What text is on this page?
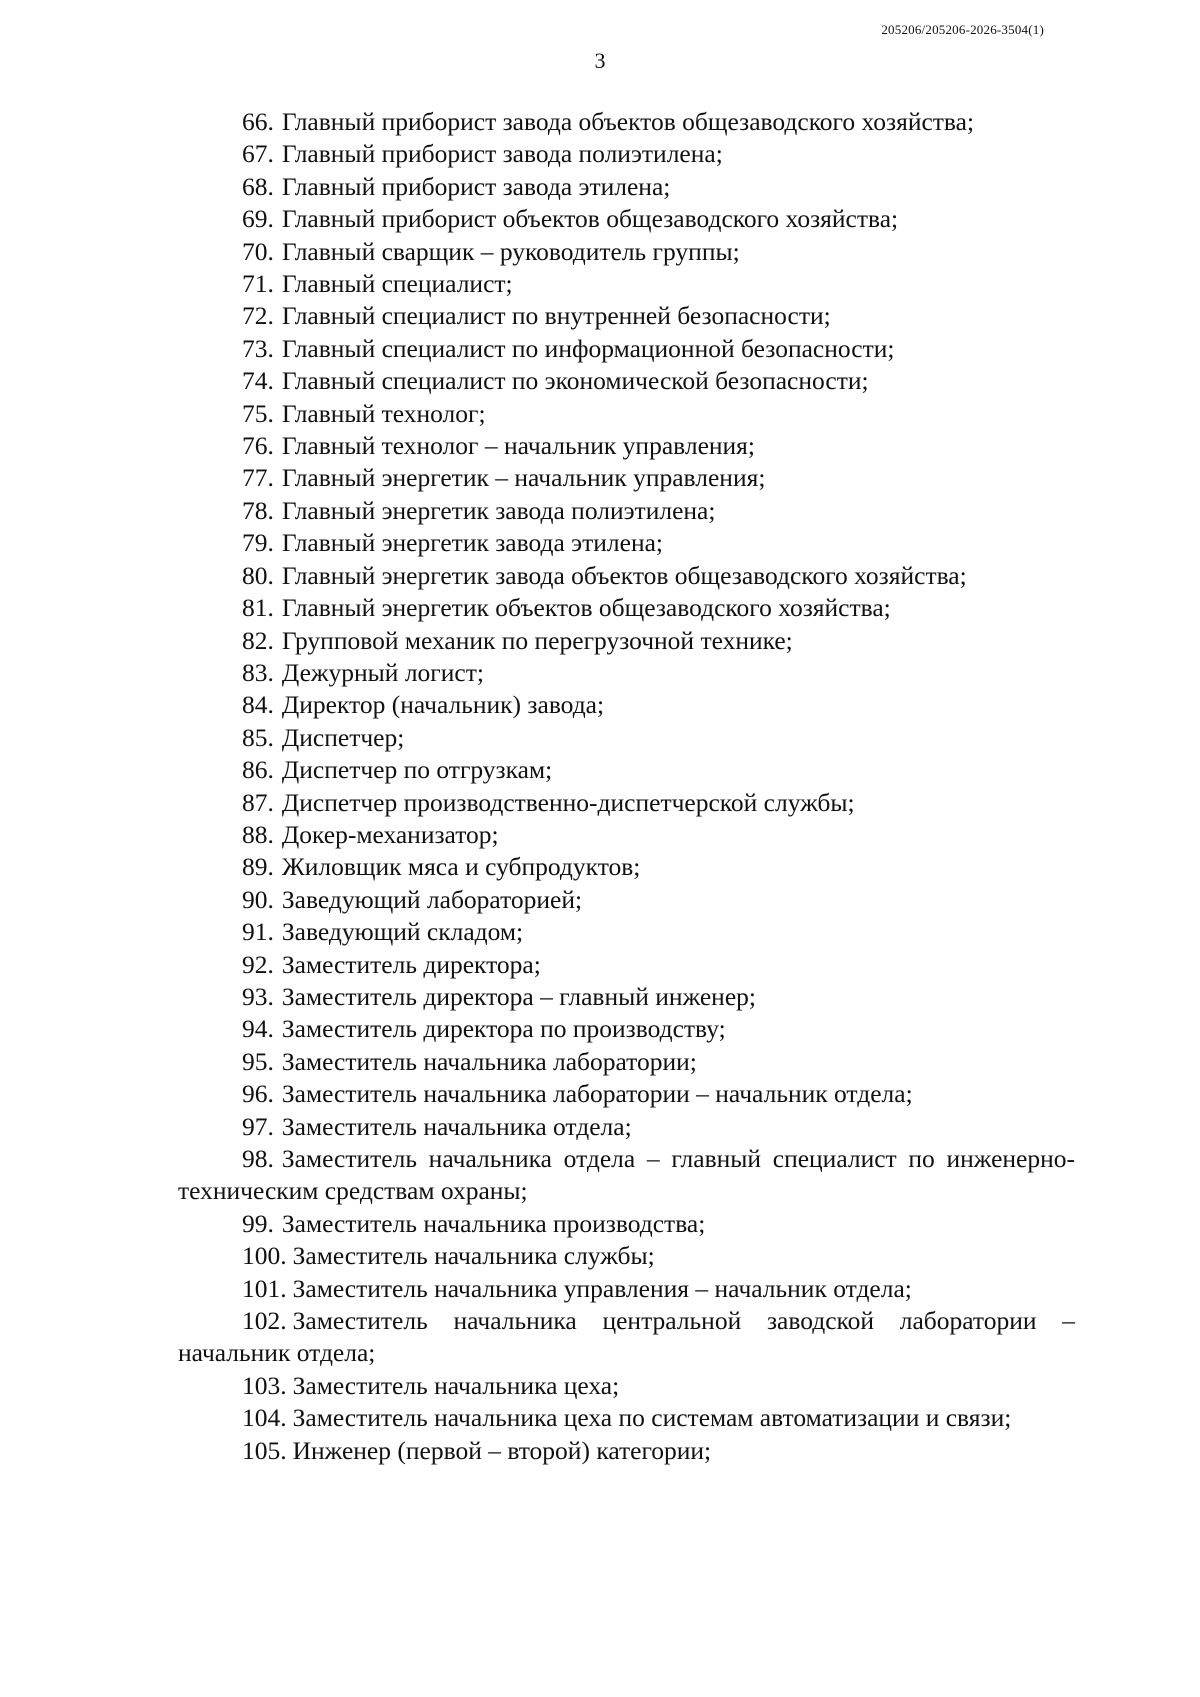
205206/205206-2026-3504(1)
3

66. Главный приборист завода объектов общезаводского хозяйства;

67. Главный приборист завода полиэтилена;

68. Главный приборист завода этилена;

69. Главный приборист объектов общезаводского хозяйства;

70. Главный сварщик – руководитель группы;

71. Главный специалист;

72. Главный специалист по внутренней безопасности;

73. Главный специалист по информационной безопасности;

74. Главный специалист по экономической безопасности;

75. Главный технолог;

76. Главный технолог – начальник управления;

77. Главный энергетик – начальник управления;

78. Главный энергетик завода полиэтилена;

79. Главный энергетик завода этилена;

80. Главный энергетик завода объектов общезаводского хозяйства;

81. Главный энергетик объектов общезаводского хозяйства;

82. Групповой механик по перегрузочной технике;

83. Дежурный логист;

84. Директор (начальник) завода;

85. Диспетчер;

86. Диспетчер по отгрузкам;

87. Диспетчер производственно-диспетчерской службы;

88. Докер-механизатор;

89. Жиловщик мяса и субпродуктов;

90. Заведующий лабораторией;

91. Заведующий складом;

92. Заместитель директора;

93. Заместитель директора – главный инженер;

94. Заместитель директора по производству;

95. Заместитель начальника лаборатории;

96. Заместитель начальника лаборатории – начальник отдела;

97. Заместитель начальника отдела;

98. Заместитель начальника отдела – главный специалист по инженерно-техническим средствам охраны;

99. Заместитель начальника производства;

100. Заместитель начальника службы;

101. Заместитель начальника управления – начальник отдела;

102. Заместитель начальника центральной заводской лаборатории – начальник отдела;

103. Заместитель начальника цеха;

104. Заместитель начальника цеха по системам автоматизации и связи;

105. Инженер (первой – второй) категории;
